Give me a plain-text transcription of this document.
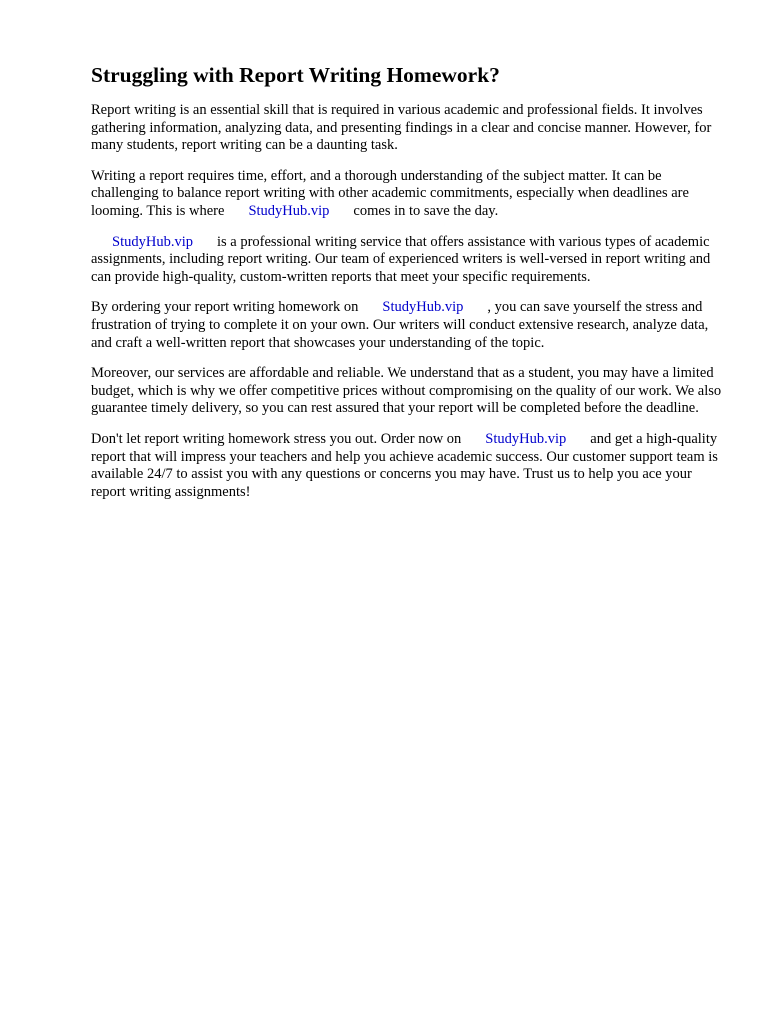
Struggling with Report Writing Homework?

Report writing is an essential skill that is required in various academic and professional fields. It involves gathering information, analyzing data, and presenting findings in a clear and concise manner. However, for many students, report writing can be a daunting task.

Writing a report requires time, effort, and a thorough understanding of the subject matter. It can be challenging to balance report writing with other academic commitments, especially when deadlines are looming. This is where StudyHub.vip comes in to save the day.

StudyHub.vip is a professional writing service that offers assistance with various types of academic assignments, including report writing. Our team of experienced writers is well-versed in report writing and can provide high-quality, custom-written reports that meet your specific requirements.

By ordering your report writing homework on StudyHub.vip , you can save yourself the stress and frustration of trying to complete it on your own. Our writers will conduct extensive research, analyze data, and craft a well-written report that showcases your understanding of the topic.

Moreover, our services are affordable and reliable. We understand that as a student, you may have a limited budget, which is why we offer competitive prices without compromising on the quality of our work. We also guarantee timely delivery, so you can rest assured that your report will be completed before the deadline.

Don't let report writing homework stress you out. Order now on StudyHub.vip and get a high-quality report that will impress your teachers and help you achieve academic success. Our customer support team is available 24/7 to assist you with any questions or concerns you may have. Trust us to help you ace your report writing assignments!
